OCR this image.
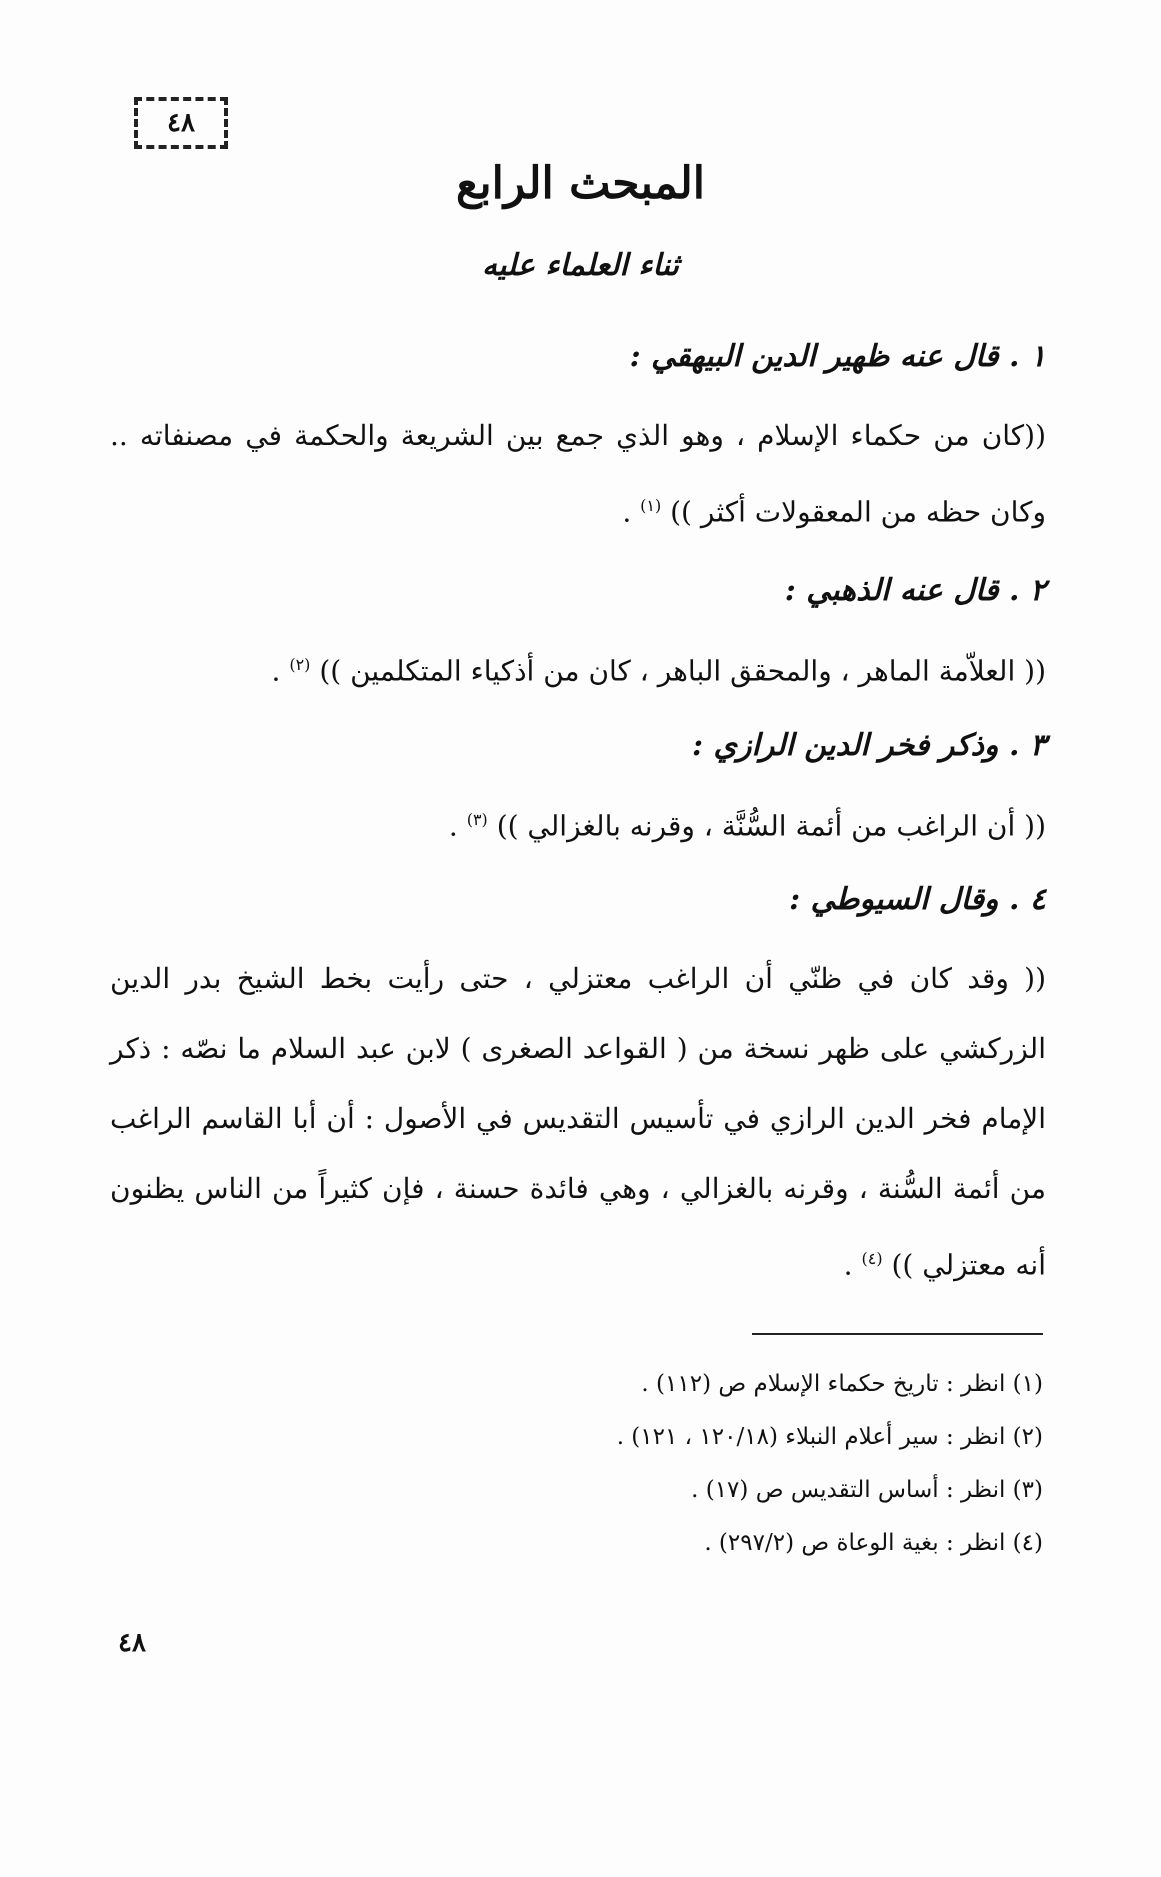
٤٨
المبحث الرابع
ثناء العلماء عليه

١ . قال عنه ظهير الدين البيهقي :

((كان من حكماء الإسلام ، وهو الذي جمع بين الشريعة والحكمة في مصنفاته .. وكان حظه من المعقولات أكثر )) $^{(١)}$ .

٢ . قال عنه الذهبي :

(( العلاّمة الماهر ، والمحقق الباهر ، كان من أذكياء المتكلمين )) $^{(٢)}$ .

٣ . وذكر فخر الدين الرازي :

(( أن الراغب من أئمة السُّنَّة ، وقرنه بالغزالي )) $^{(٣)}$ .

٤ . وقال السيوطي :

(( وقد كان في ظنّي أن الراغب معتزلي ، حتى رأيت بخط الشيخ بدر الدين الزركشي على ظهر نسخة من ( القواعد الصغرى ) لابن عبد السلام ما نصّه : ذكر الإمام فخر الدين الرازي في تأسيس التقديس في الأصول : أن أبا القاسم الراغب من أئمة السُّنة ، وقرنه بالغزالي ، وهي فائدة حسنة ، فإن كثيراً من الناس يظنون أنه معتزلي )) $^{(٤)}$ .

(١) انظر : تاريخ حكماء الإسلام ص (١١٢) .

(٢) انظر : سير أعلام النبلاء (١٢٠/١٨ ، ١٢١) .

(٣) انظر : أساس التقديس ص (١٧) .

(٤) انظر : بغية الوعاة ص (٢٩٧/٢) .

٤٨
